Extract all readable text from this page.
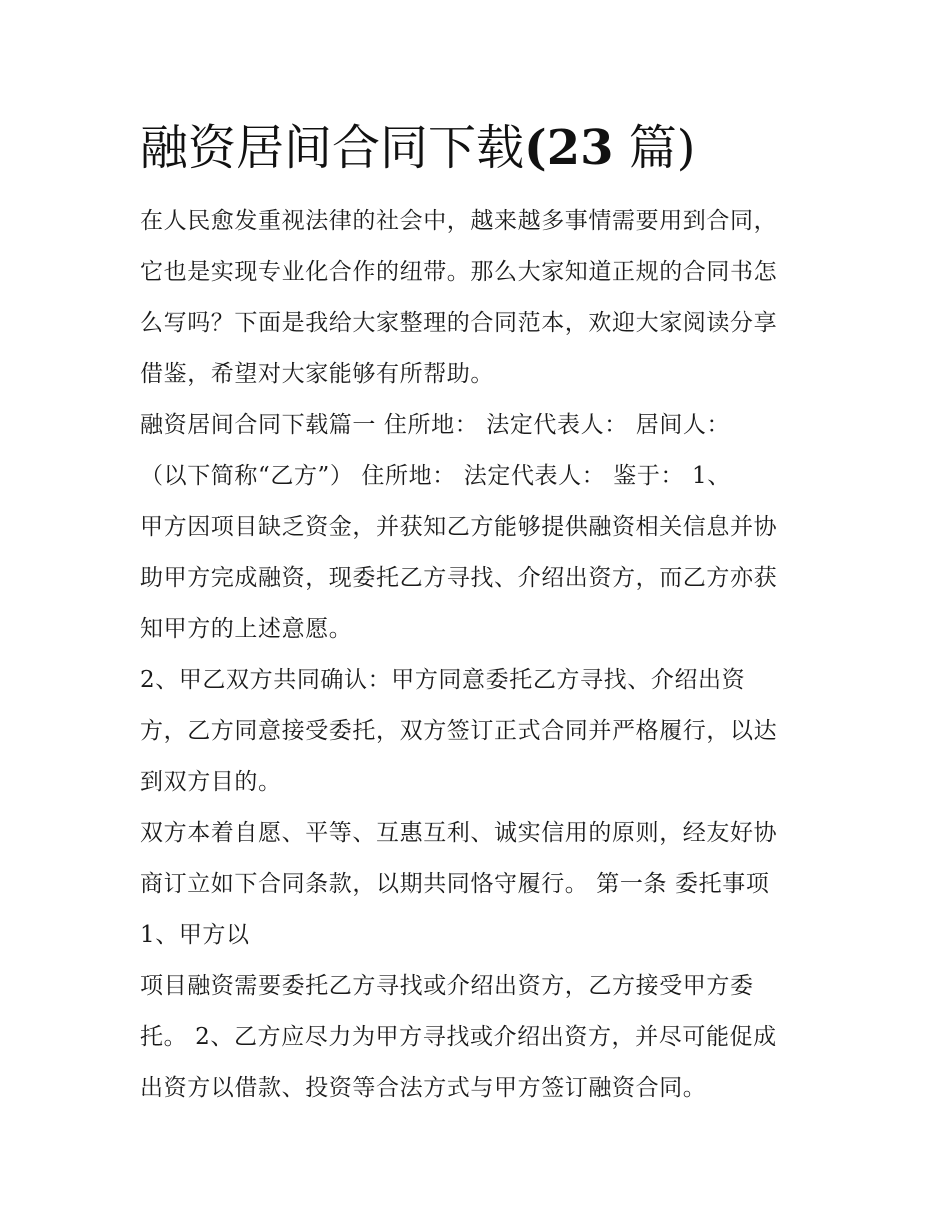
融资居间合同下载(23 篇)
在人民愈发重视法律的社会中，越来越多事情需要用到合同，
它也是实现专业化合作的纽带。那么大家知道正规的合同书怎
么写吗？下面是我给大家整理的合同范本，欢迎大家阅读分享
借鉴，希望对大家能够有所帮助。
融资居间合同下载篇一 住所地： 法定代表人： 居间人：
（以下简称“乙方”） 住所地： 法定代表人： 鉴于： 1、
甲方因项目缺乏资金，并获知乙方能够提供融资相关信息并协
助甲方完成融资，现委托乙方寻找、介绍出资方，而乙方亦获
知甲方的上述意愿。
2、甲乙双方共同确认：甲方同意委托乙方寻找、介绍出资
方，乙方同意接受委托，双方签订正式合同并严格履行，以达
到双方目的。
双方本着自愿、平等、互惠互利、诚实信用的原则，经友好协
商订立如下合同条款，以期共同恪守履行。 第一条 委托事项
1、甲方以
项目融资需要委托乙方寻找或介绍出资方，乙方接受甲方委
托。 2、乙方应尽力为甲方寻找或介绍出资方，并尽可能促成
出资方以借款、投资等合法方式与甲方签订融资合同。
